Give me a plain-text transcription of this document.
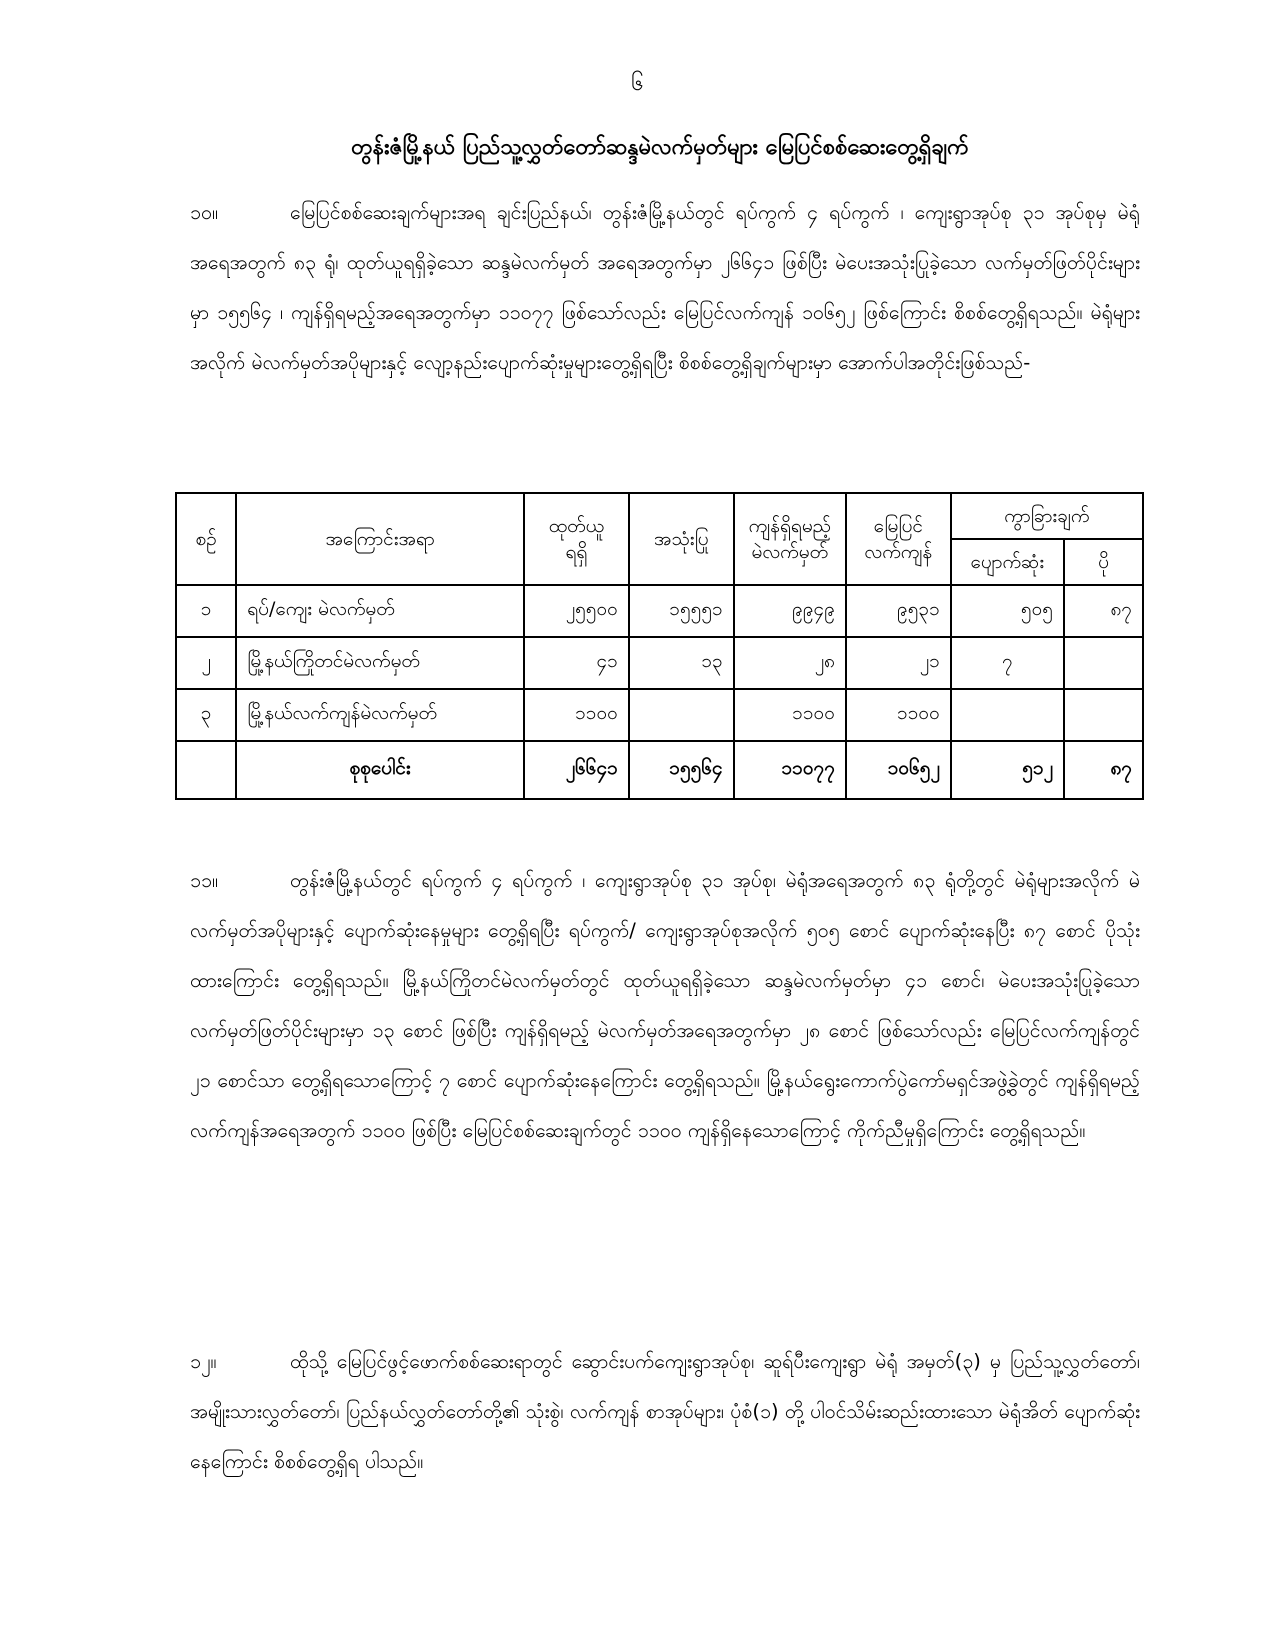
၆
တွန်းဇံမြို့နယ် ပြည်သူ့လွှတ်တော်ဆန္ဒမဲလက်မှတ်များ မြေပြင်စစ်ဆေးတွေ့ရှိချက်

၁၀။	မြေပြင်စစ်ဆေးချက်များအရ ချင်းပြည်နယ်၊ တွန်းဇံမြို့နယ်တွင် ရပ်ကွက် ၄ ရပ်ကွက် ၊ ကျေးရွာအုပ်စု ၃၁ အုပ်စုမှ မဲရုံအရေအတွက် ၈၃ ရုံ၊ ထုတ်ယူရရှိခဲ့သော ဆန္ဒမဲလက်မှတ် အရေအတွက်မှာ ၂၆၆၄၁ ဖြစ်ပြီး မဲပေးအသုံးပြုခဲ့သော လက်မှတ်ဖြတ်ပိုင်းများမှာ ၁၅၅၆၄ ၊ ကျန်ရှိရမည့်အရေအတွက်မှာ ၁၁၀၇၇ ဖြစ်သော်လည်း မြေပြင်လက်ကျန် ၁၀၆၅၂ ဖြစ်ကြောင်း စိစစ်တွေ့ရှိရသည်။ မဲရုံများအလိုက် မဲလက်မှတ်အပိုများနှင့် လျော့နည်းပျောက်ဆုံးမှုများတွေ့ရှိရပြီး စိစစ်တွေ့ရှိချက်များမှာ အောက်ပါအတိုင်းဖြစ်သည်-

စဉ်	အကြောင်းအရာ	ထုတ်ယူ ရရှိ	အသုံးပြု	ကျန်ရှိရမည့် မဲလက်မှတ်	မြေပြင် လက်ကျန်	ကွာခြားချက်	
						ပျောက်ဆုံး	ပို
၁	ရပ်/ကျေး မဲလက်မှတ်	၂၅၅၀၀	၁၅၅၅၁	၉၉၄၉	၉၅၃၁	၅၀၅	၈၇
၂	မြို့နယ်ကြိုတင်မဲလက်မှတ်	၄၁	၁၃	၂၈	၂၁	၇	
၃	မြို့နယ်လက်ကျန်မဲလက်မှတ်	၁၁၀၀		၁၁၀၀	၁၁၀၀		
	စုစုပေါင်း	၂၆၆၄၁	၁၅၅၆၄	၁၁၀၇၇	၁၀၆၅၂	၅၁၂	၈၇

၁၁။	တွန်းဇံမြို့နယ်တွင် ရပ်ကွက် ၄ ရပ်ကွက် ၊ ကျေးရွာအုပ်စု ၃၁ အုပ်စု၊ မဲရုံအရေအတွက် ၈၃ ရုံတို့တွင် မဲရုံများအလိုက် မဲလက်မှတ်အပိုများနှင့် ပျောက်ဆုံးနေမှုများ တွေ့ရှိရပြီး ရပ်ကွက်/ ကျေးရွာအုပ်စုအလိုက် ၅၀၅ စောင် ပျောက်ဆုံးနေပြီး ၈၇ စောင် ပိုသုံးထားကြောင်း တွေ့ရှိရသည်။ မြို့နယ်ကြိုတင်မဲလက်မှတ်တွင် ထုတ်ယူရရှိခဲ့သော ဆန္ဒမဲလက်မှတ်မှာ ၄၁ စောင်၊ မဲပေးအသုံးပြုခဲ့သော လက်မှတ်ဖြတ်ပိုင်းများမှာ ၁၃ စောင် ဖြစ်ပြီး ကျန်ရှိရမည့် မဲလက်မှတ်အရေအတွက်မှာ ၂၈ စောင် ဖြစ်သော်လည်း မြေပြင်လက်ကျန်တွင် ၂၁ စောင်သာ တွေ့ရှိရသောကြောင့် ၇ စောင် ပျောက်ဆုံးနေကြောင်း တွေ့ရှိရသည်။ မြို့နယ်ရွေးကောက်ပွဲကော်မရှင်အဖွဲ့ခွဲတွင် ကျန်ရှိရမည့် လက်ကျန်အရေအတွက် ၁၁၀၀ ဖြစ်ပြီး မြေပြင်စစ်ဆေးချက်တွင် ၁၁၀၀ ကျန်ရှိနေသောကြောင့် ကိုက်ညီမှုရှိကြောင်း တွေ့ရှိရသည်။

၁၂။	ထိုသို့ မြေပြင်ဖွင့်ဖောက်စစ်ဆေးရာတွင် ဆွောင်းပက်ကျေးရွာအုပ်စု၊ ဆူရ်ပီးကျေးရွာ မဲရုံ အမှတ်(၃) မှ ပြည်သူ့လွှတ်တော်၊ အမျိုးသားလွှတ်တော်၊ ပြည်နယ်လွှတ်တော်တို့၏ သုံးစွဲ၊ လက်ကျန် စာအုပ်များ၊ ပုံစံ(၁) တို့ ပါဝင်သိမ်းဆည်းထားသော မဲရုံအိတ် ပျောက်ဆုံးနေကြောင်း စိစစ်တွေ့ရှိရ ပါသည်။
